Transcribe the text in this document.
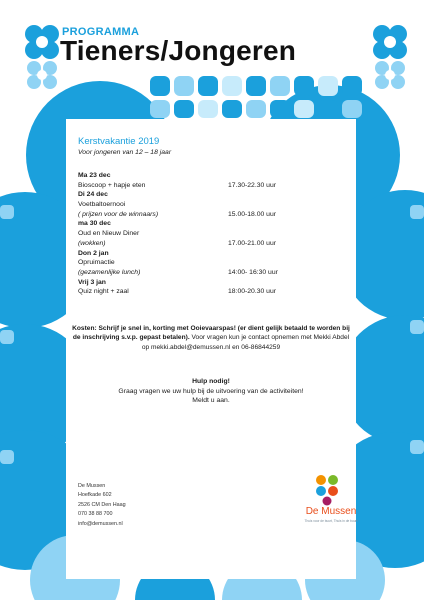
PROGRAMMA
Tieners/Jongeren
Kerstvakantie 2019
Voor jongeren van 12 – 18 jaar
Ma 23 dec
Bioscoop + hapje eten	17.30-22.30 uur
Di 24 dec
Voetbaltoernooi
( prijzen voor de winnaars)	15.00-18.00 uur
ma 30 dec
Oud en Nieuw Diner
(wokken)	17.00-21.00 uur
Don 2 jan
Opruimactie
(gezamenlijke lunch)	14:00- 16:30 uur
Vrij 3 jan
Quiz night + zaal	18:00-20.30 uur
Kosten: Schrijf je snel in, korting met Ooievaarspas! (er dient gelijk betaald te worden bij de inschrijving s.v.p. gepast betalen). Voor vragen kun je contact opnemen met Mekki Abdel op mekki.abdel@demussen.nl en 06-86844259
Hulp nodig!
Graag vragen we uw hulp bij de uitvoering van de activiteiten!
Meldt u aan.
De Mussen
Hoefkade 602
2526 CM Den Haag
070 38 88 700
info@demussen.nl
De Mussen
Thuis voor de buurt, Thuis in de buurt
